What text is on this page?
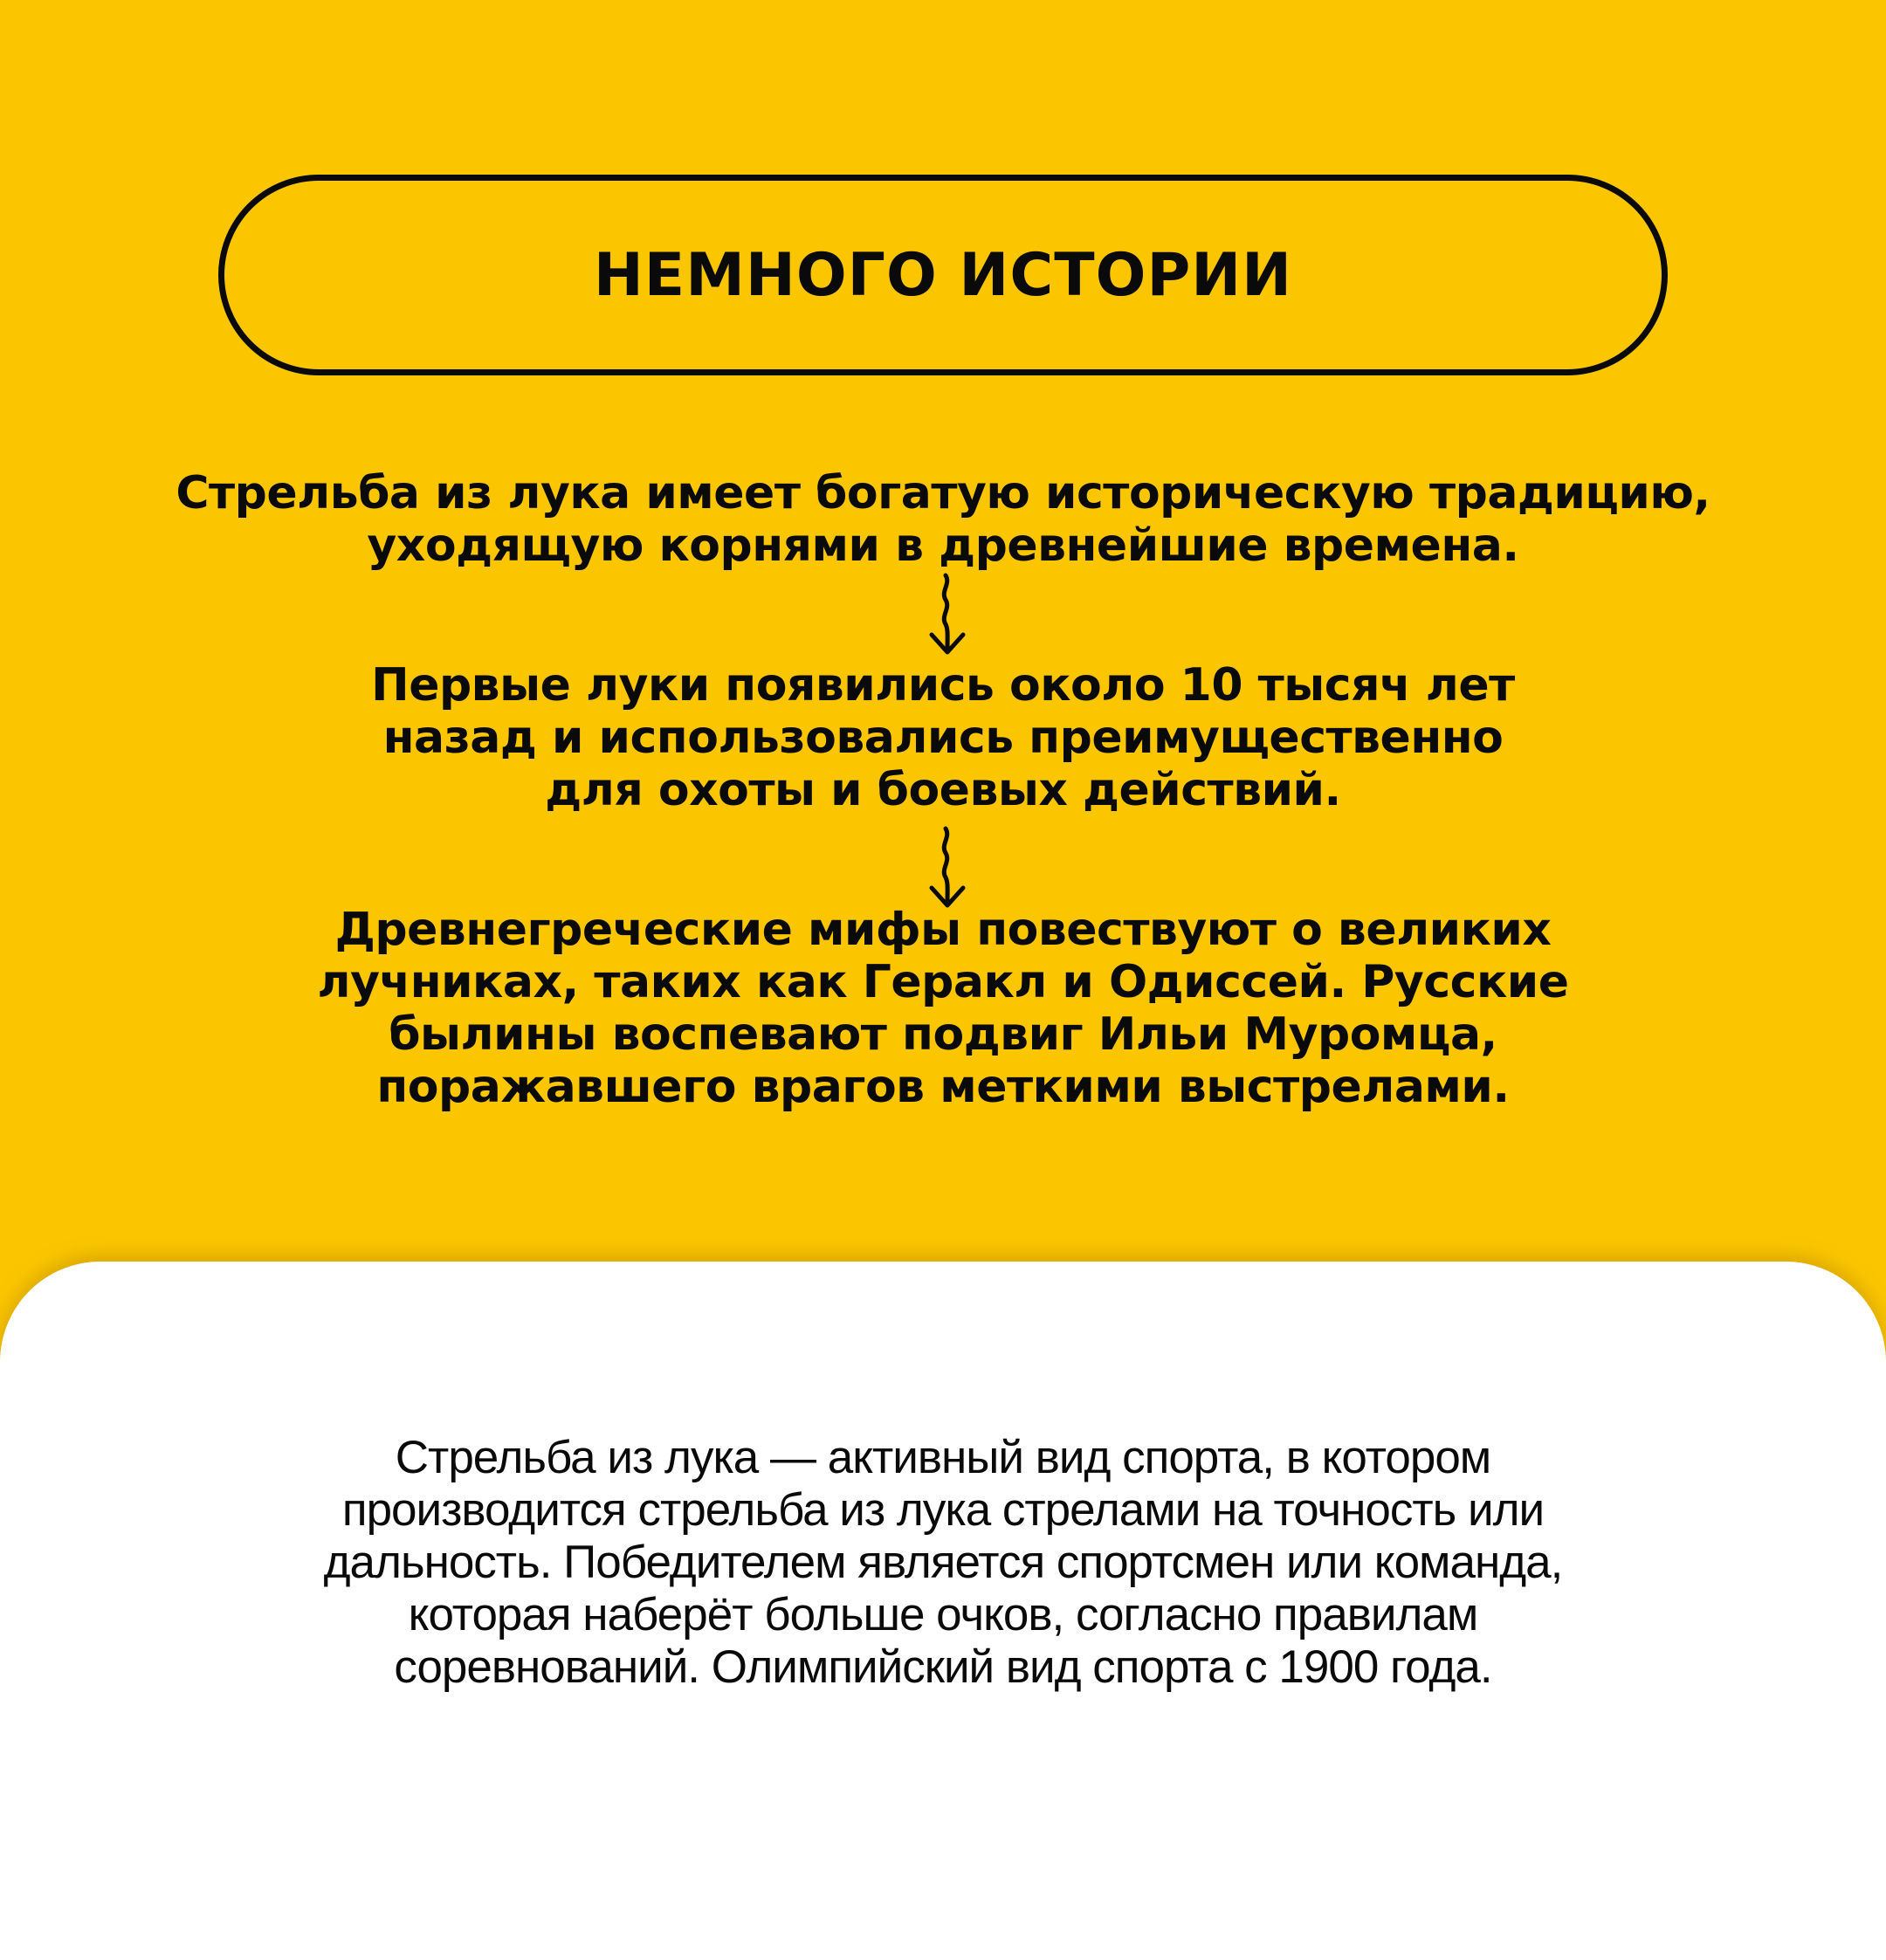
НЕМНОГО ИСТОРИИ
Стрельба из лука имеет богатую историческую традицию,
уходящую корнями в древнейшие времена.
Первые луки появились около 10 тысяч лет
назад и использовались преимущественно
для охоты и боевых действий.
Древнегреческие мифы повествуют о великих
лучниках, таких как Геракл и Одиссей. Русские
былины воспевают подвиг Ильи Муромца,
поражавшего врагов меткими выстрелами.
Стрельба из лука — активный вид спорта, в котором
производится стрельба из лука стрелами на точность или
дальность. Победителем является спортсмен или команда,
которая наберёт больше очков, согласно правилам
соревнований. Олимпийский вид спорта с 1900 года.
